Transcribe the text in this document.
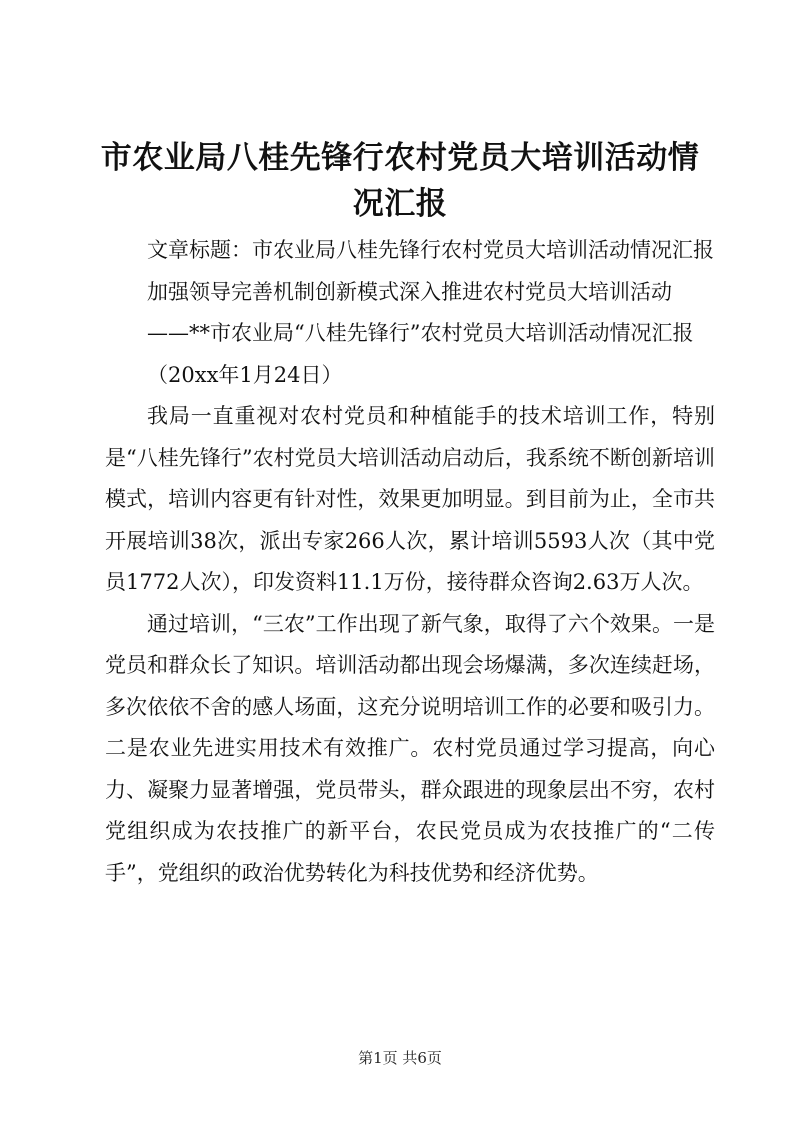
市农业局八桂先锋行农村党员大培训活动情况汇报

文章标题：市农业局八桂先锋行农村党员大培训活动情况汇报

加强领导完善机制创新模式深入推进农村党员大培训活动

——**市农业局“八桂先锋行”农村党员大培训活动情况汇报

（20xx年1月24日）

我局一直重视对农村党员和种植能手的技术培训工作，特别是“八桂先锋行”农村党员大培训活动启动后，我系统不断创新培训模式，培训内容更有针对性，效果更加明显。到目前为止，全市共开展培训38次，派出专家266人次，累计培训5593人次（其中党员1772人次），印发资料11.1万份，接待群众咨询2.63万人次。

通过培训，“三农”工作出现了新气象，取得了六个效果。一是党员和群众长了知识。培训活动都出现会场爆满，多次连续赶场，多次依依不舍的感人场面，这充分说明培训工作的必要和吸引力。二是农业先进实用技术有效推广。农村党员通过学习提高，向心力、凝聚力显著增强，党员带头，群众跟进的现象层出不穷，农村党组织成为农技推广的新平台，农民党员成为农技推广的“二传手”，党组织的政治优势转化为科技优势和经济优势。

第1页 共6页
